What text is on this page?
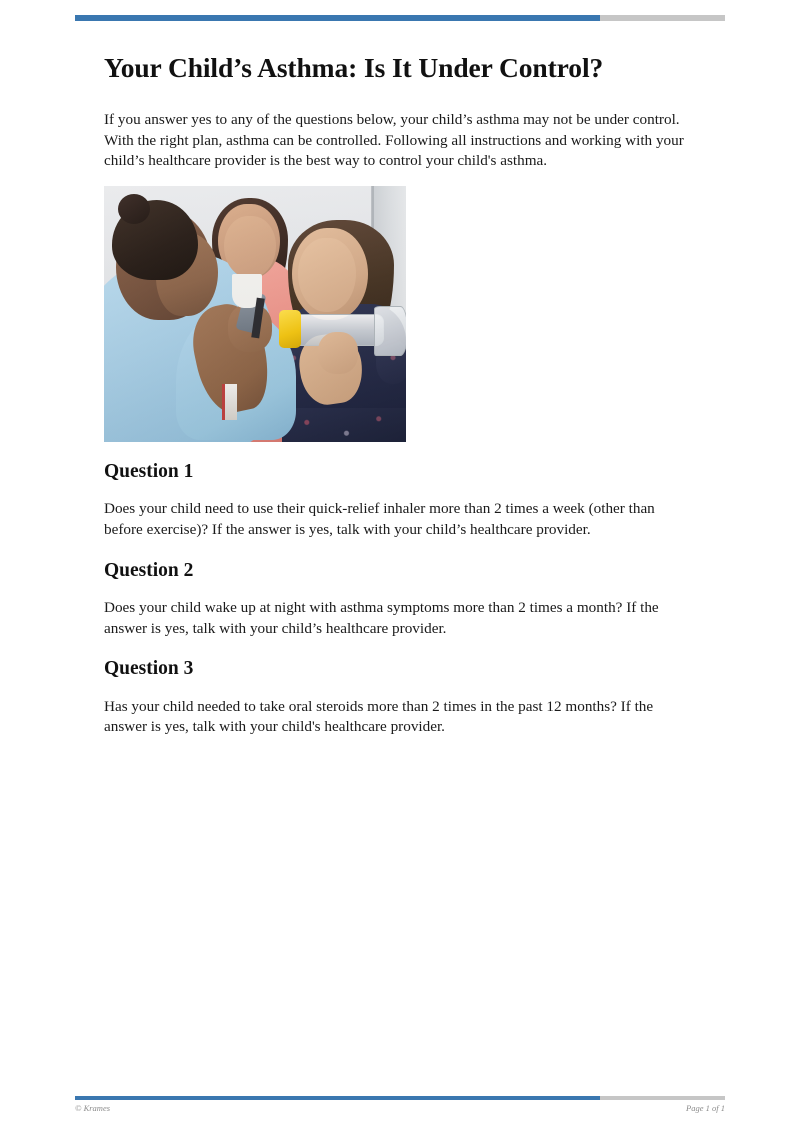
Your Child’s Asthma: Is It Under Control?

If you answer yes to any of the questions below, your child’s asthma may not be under control. With the right plan, asthma can be controlled. Following all instructions and working with your child’s healthcare provider is the best way to control your child's asthma.

Question 1

Does your child need to use their quick-relief inhaler more than 2 times a week (other than before exercise)? If the answer is yes, talk with your child’s healthcare provider.

Question 2

Does your child wake up at night with asthma symptoms more than 2 times a month? If the answer is yes, talk with your child’s healthcare provider.

Question 3

Has your child needed to take oral steroids more than 2 times in the past 12 months? If the answer is yes, talk with your child's healthcare provider.

© Krames	Page 1 of 1
